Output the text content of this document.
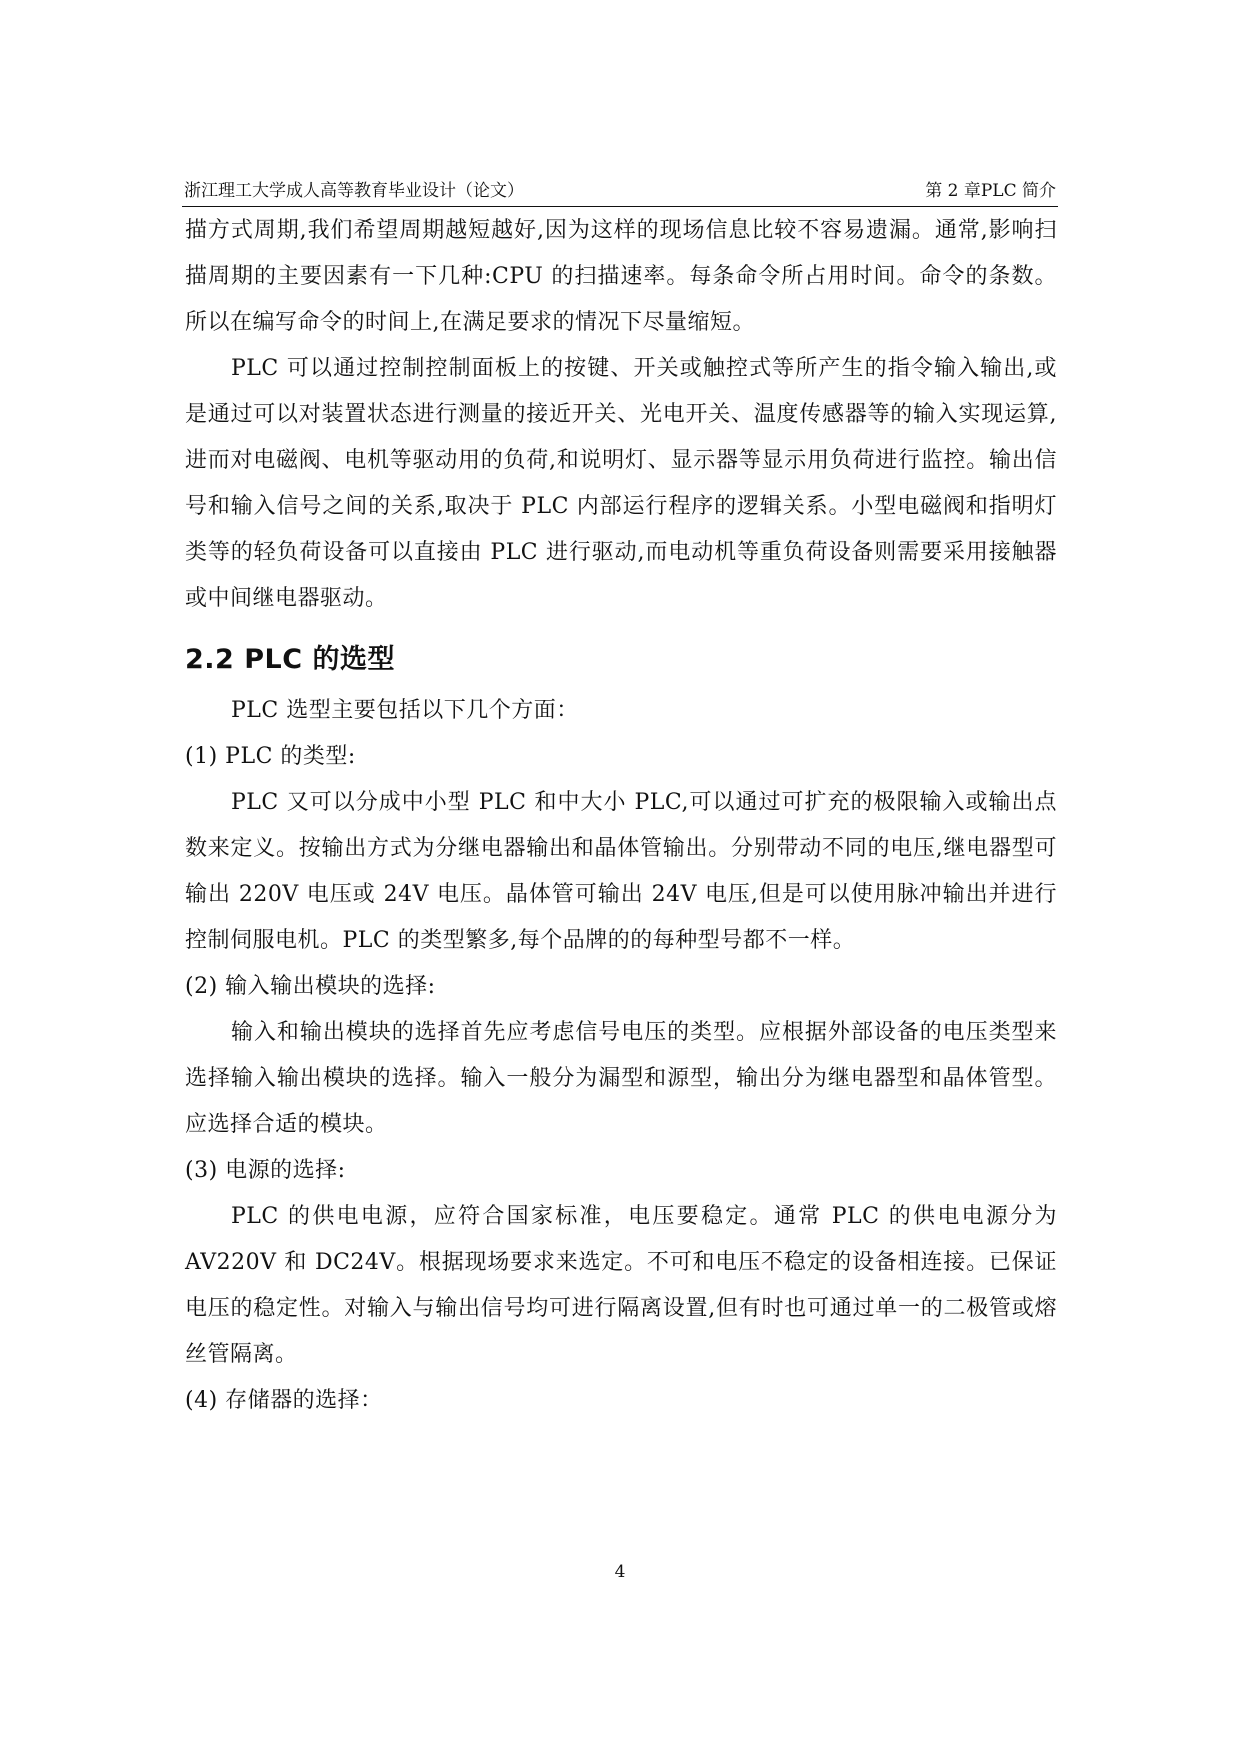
浙江理工大学成人高等教育毕业设计（论文）	第 2 章PLC 简介

描方式周期,我们希望周期越短越好,因为这样的现场信息比较不容易遗漏。通常,影响扫描周期的主要因素有一下几种:CPU 的扫描速率。每条命令所占用时间。命令的条数。所以在编写命令的时间上,在满足要求的情况下尽量缩短。

PLC 可以通过控制控制面板上的按键、开关或触控式等所产生的指令输入输出,或是通过可以对装置状态进行测量的接近开关、光电开关、温度传感器等的输入实现运算,进而对电磁阀、电机等驱动用的负荷,和说明灯、显示器等显示用负荷进行监控。输出信号和输入信号之间的关系,取决于 PLC 内部运行程序的逻辑关系。小型电磁阀和指明灯类等的轻负荷设备可以直接由 PLC 进行驱动,而电动机等重负荷设备则需要采用接触器或中间继电器驱动。

2.2 PLC 的选型

PLC 选型主要包括以下几个方面：

(1) PLC 的类型:

PLC 又可以分成中小型 PLC 和中大小 PLC,可以通过可扩充的极限输入或输出点数来定义。按输出方式为分继电器输出和晶体管输出。分别带动不同的电压,继电器型可输出 220V 电压或 24V 电压。晶体管可输出 24V 电压,但是可以使用脉冲输出并进行控制伺服电机。PLC 的类型繁多,每个品牌的的每种型号都不一样。

(2) 输入输出模块的选择:

输入和输出模块的选择首先应考虑信号电压的类型。应根据外部设备的电压类型来选择输入输出模块的选择。输入一般分为漏型和源型，输出分为继电器型和晶体管型。应选择合适的模块。

(3) 电源的选择:

PLC 的供电电源，应符合国家标准，电压要稳定。通常 PLC 的供电电源分为 AV220V 和 DC24V。根据现场要求来选定。不可和电压不稳定的设备相连接。已保证电压的稳定性。对输入与输出信号均可进行隔离设置,但有时也可通过单一的二极管或熔丝管隔离。

(4) 存储器的选择：

4
